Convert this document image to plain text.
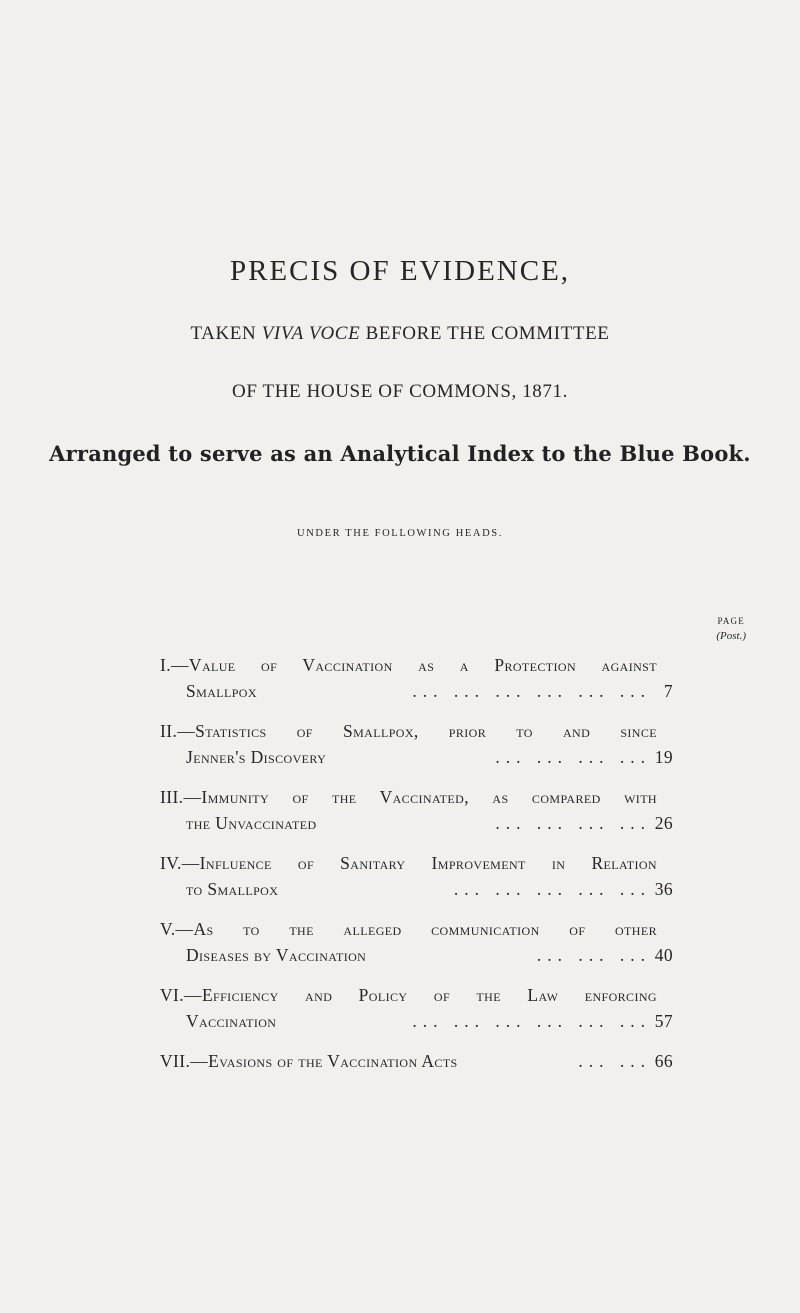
PRECIS OF EVIDENCE,
TAKEN VIVA VOCE BEFORE THE COMMITTEE
OF THE HOUSE OF COMMONS, 1871.
Arranged to serve as an Analytical Index to the Blue Book.
UNDER THE FOLLOWING HEADS.
PAGE
(Post.)
I.—Value of Vaccination as a Protection against
Smallpox	... ... ... ... ... ... 7
II.—Statistics of Smallpox, prior to and since
Jenner's Discovery	... ... ... ... 19
III.—Immunity of the Vaccinated, as compared with
the Unvaccinated	... ... ... ... 26
IV.—Influence of Sanitary Improvement in Relation
to Smallpox	... ... ... ... ... 36
V.—As to the alleged communication of other
Diseases by Vaccination	... ... ... 40
VI.—Efficiency and Policy of the Law enforcing
Vaccination	... ... ... ... ... ... 57
VII.—Evasions of the Vaccination Acts	... ... 66
